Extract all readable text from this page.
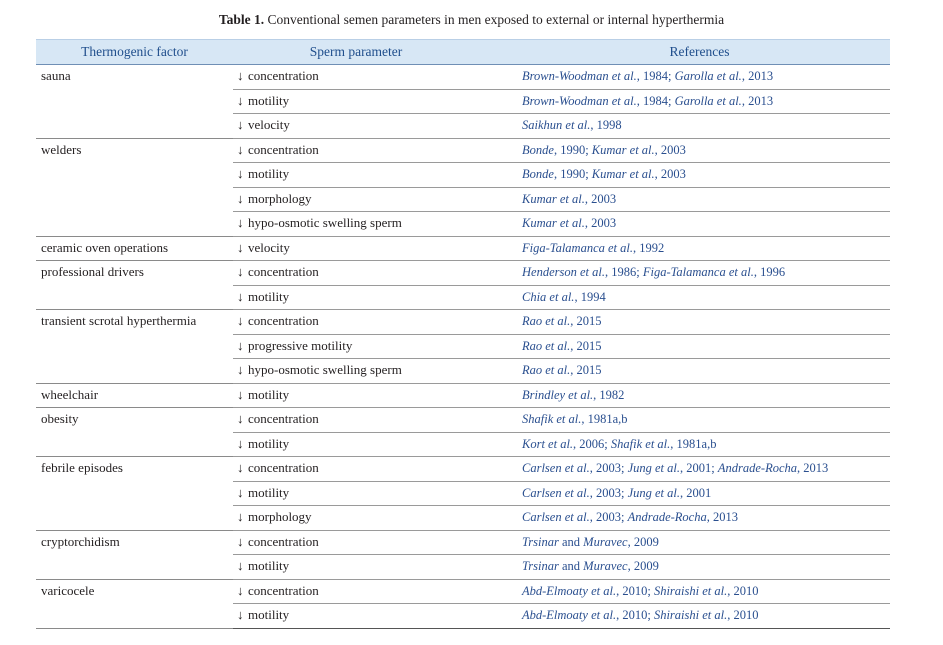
Table 1. Conventional semen parameters in men exposed to external or internal hyperthermia
Thermogenic factor	Sperm parameter	References
sauna	↓ concentration	Brown-Woodman et al., 1984; Garolla et al., 2013
	↓ motility	Brown-Woodman et al., 1984; Garolla et al., 2013
	↓ velocity	Saikhun et al., 1998
welders	↓ concentration	Bonde, 1990; Kumar et al., 2003
	↓ motility	Bonde, 1990; Kumar et al., 2003
	↓ morphology	Kumar et al., 2003
	↓ hypo-osmotic swelling sperm	Kumar et al., 2003
ceramic oven operations	↓ velocity	Figa-Talamanca et al., 1992
professional drivers	↓ concentration	Henderson et al., 1986; Figa-Talamanca et al., 1996
	↓ motility	Chia et al., 1994
transient scrotal hyperthermia	↓ concentration	Rao et al., 2015
	↓ progressive motility	Rao et al., 2015
	↓ hypo-osmotic swelling sperm	Rao et al., 2015
wheelchair	↓ motility	Brindley et al., 1982
obesity	↓ concentration	Shafik et al., 1981a,b
	↓ motility	Kort et al., 2006; Shafik et al., 1981a,b
febrile episodes	↓ concentration	Carlsen et al., 2003; Jung et al., 2001; Andrade-Rocha, 2013
	↓ motility	Carlsen et al., 2003; Jung et al., 2001
	↓ morphology	Carlsen et al., 2003; Andrade-Rocha, 2013
cryptorchidism	↓ concentration	Trsinar and Muravec, 2009
	↓ motility	Trsinar and Muravec, 2009
varicocele	↓ concentration	Abd-Elmoaty et al., 2010; Shiraishi et al., 2010
	↓ motility	Abd-Elmoaty et al., 2010; Shiraishi et al., 2010
